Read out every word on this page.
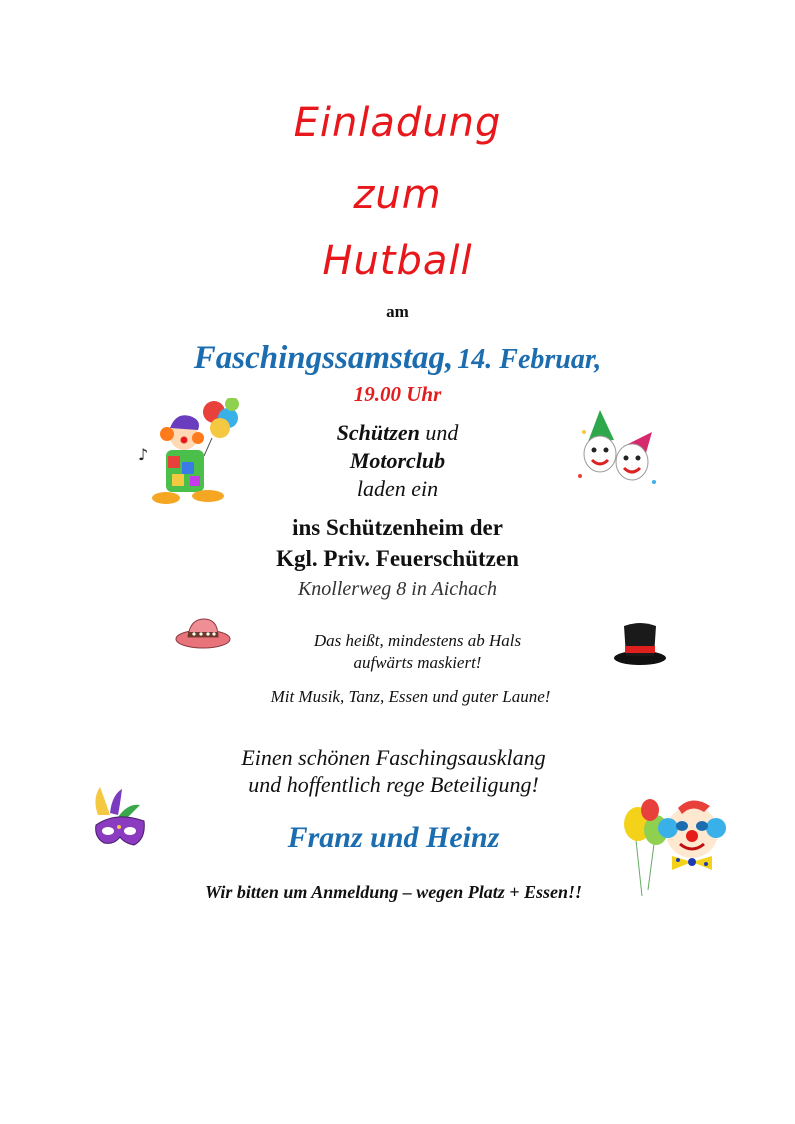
Einladung
zum
Hutball
am
Faschingssamstag, 14. Februar,
19.00 Uhr
Schützen und
Motorclub
laden ein
ins Schützenheim der
Kgl. Priv. Feuerschützen
Knollerweg 8 in Aichach
Das heißt, mindestens ab Hals
aufwärts maskiert!
Mit Musik, Tanz, Essen und guter Laune!
Einen schönen Faschingsausklang
und hoffentlich rege Beteiligung!
Franz und Heinz
Wir bitten um Anmeldung – wegen Platz + Essen!!
♪
